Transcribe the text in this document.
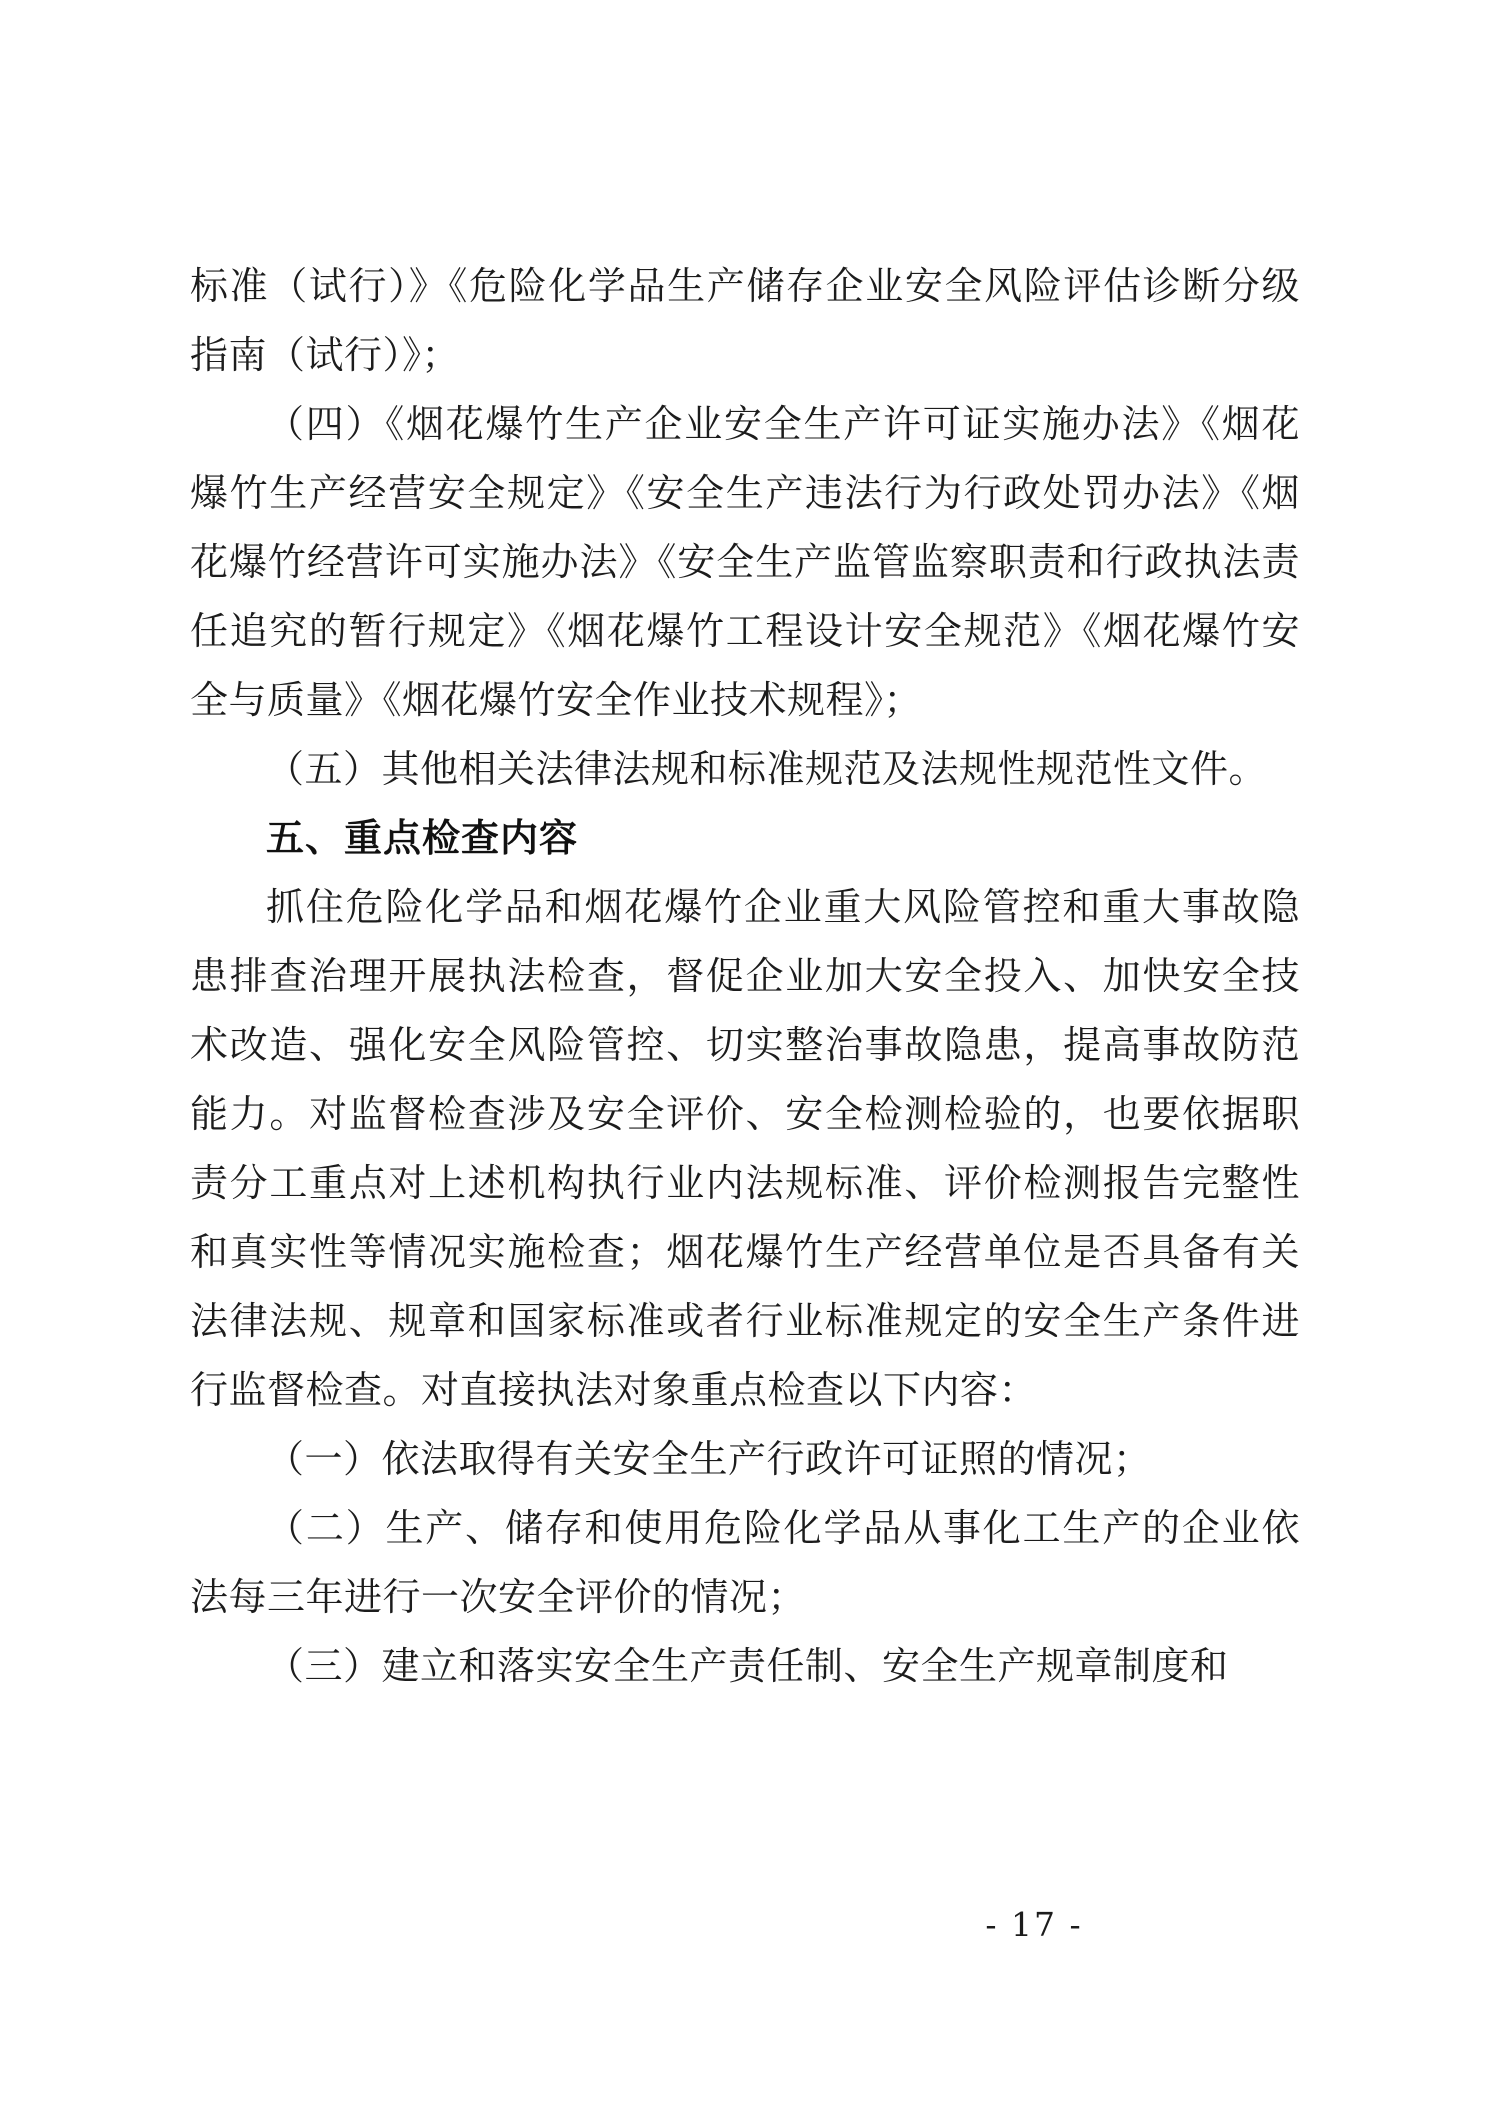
标准（试行）》《危险化学品生产储存企业安全风险评估诊断分级指南（试行）》；

（四）《烟花爆竹生产企业安全生产许可证实施办法》《烟花爆竹生产经营安全规定》《安全生产违法行为行政处罚办法》《烟花爆竹经营许可实施办法》《安全生产监管监察职责和行政执法责任追究的暂行规定》《烟花爆竹工程设计安全规范》《烟花爆竹安全与质量》《烟花爆竹安全作业技术规程》；

（五）其他相关法律法规和标准规范及法规性规范性文件。

五、重点检查内容

抓住危险化学品和烟花爆竹企业重大风险管控和重大事故隐患排查治理开展执法检查，督促企业加大安全投入、加快安全技术改造、强化安全风险管控、切实整治事故隐患，提高事故防范能力。对监督检查涉及安全评价、安全检测检验的，也要依据职责分工重点对上述机构执行业内法规标准、评价检测报告完整性和真实性等情况实施检查；烟花爆竹生产经营单位是否具备有关法律法规、规章和国家标准或者行业标准规定的安全生产条件进行监督检查。对直接执法对象重点检查以下内容：

（一）依法取得有关安全生产行政许可证照的情况；

（二）生产、储存和使用危险化学品从事化工生产的企业依法每三年进行一次安全评价的情况；

（三）建立和落实安全生产责任制、安全生产规章制度和

- 17 -
